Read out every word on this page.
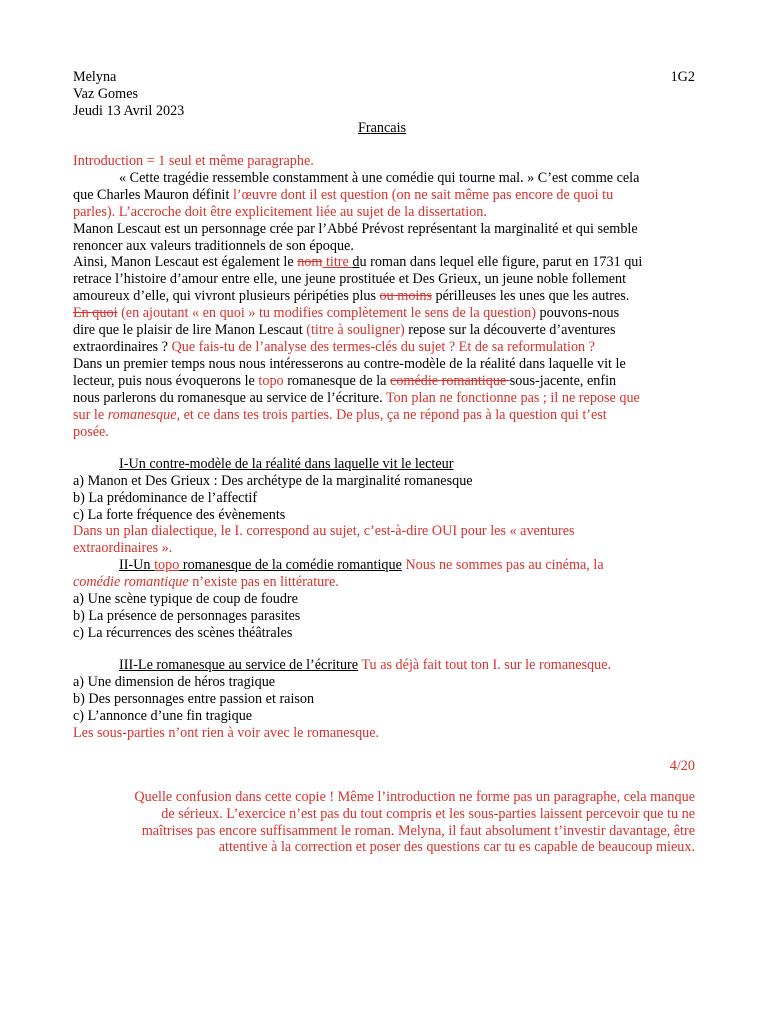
Melyna	1G2
Vaz Gomes
Jeudi 13 Avril 2023
Francais
Introduction = 1 seul et même paragraphe.
« Cette tragédie ressemble constamment à une comédie qui tourne mal. » C’est comme cela
que Charles Mauron définit l’œuvre dont il est question (on ne sait même pas encore de quoi tu
parles). L’accroche doit être explicitement liée au sujet de la dissertation.
Manon Lescaut est un personnage crée par l’Abbé Prévost représentant la marginalité et qui semble
renoncer aux valeurs traditionnels de son époque.
Ainsi, Manon Lescaut est également le nom titre du roman dans lequel elle figure, parut en 1731 qui
retrace l’histoire d’amour entre elle, une jeune prostituée et Des Grieux, un jeune noble follement
amoureux d’elle, qui vivront plusieurs péripéties plus ou moins périlleuses les unes que les autres.
En quoi (en ajoutant « en quoi » tu modifies complètement le sens de la question) pouvons-nous
dire que le plaisir de lire Manon Lescaut (titre à souligner) repose sur la découverte d’aventures
extraordinaires ? Que fais-tu de l’analyse des termes-clés du sujet ? Et de sa reformulation ?
Dans un premier temps nous nous intéresserons au contre-modèle de la réalité dans laquelle vit le
lecteur, puis nous évoquerons le topo romanesque de la comédie romantique sous-jacente, enfin
nous parlerons du romanesque au service de l’écriture. Ton plan ne fonctionne pas ; il ne repose que
sur le romanesque, et ce dans tes trois parties. De plus, ça ne répond pas à la question qui t’est
posée.
I-Un contre-modèle de la réalité dans laquelle vit le lecteur
a) Manon et Des Grieux : Des archétype de la marginalité romanesque
b) La prédominance de l’affectif
c) La forte fréquence des évènements
Dans un plan dialectique, le I. correspond au sujet, c’est-à-dire OUI pour les « aventures
extraordinaires ».
II-Un topo romanesque de la comédie romantique Nous ne sommes pas au cinéma, la
comédie romantique n’existe pas en littérature.
a) Une scène typique de coup de foudre
b) La présence de personnages parasites
c) La récurrences des scènes théâtrales
III-Le romanesque au service de l’écriture Tu as déjà fait tout ton I. sur le romanesque.
a) Une dimension de héros tragique
b) Des personnages entre passion et raison
c) L’annonce d’une fin tragique
Les sous-parties n’ont rien à voir avec le romanesque.
4/20
Quelle confusion dans cette copie ! Même l’introduction ne forme pas un paragraphe, cela manque
de sérieux. L’exercice n’est pas du tout compris et les sous-parties laissent percevoir que tu ne
maîtrises pas encore suffisamment le roman. Melyna, il faut absolument t’investir davantage, être
attentive à la correction et poser des questions car tu es capable de beaucoup mieux.
